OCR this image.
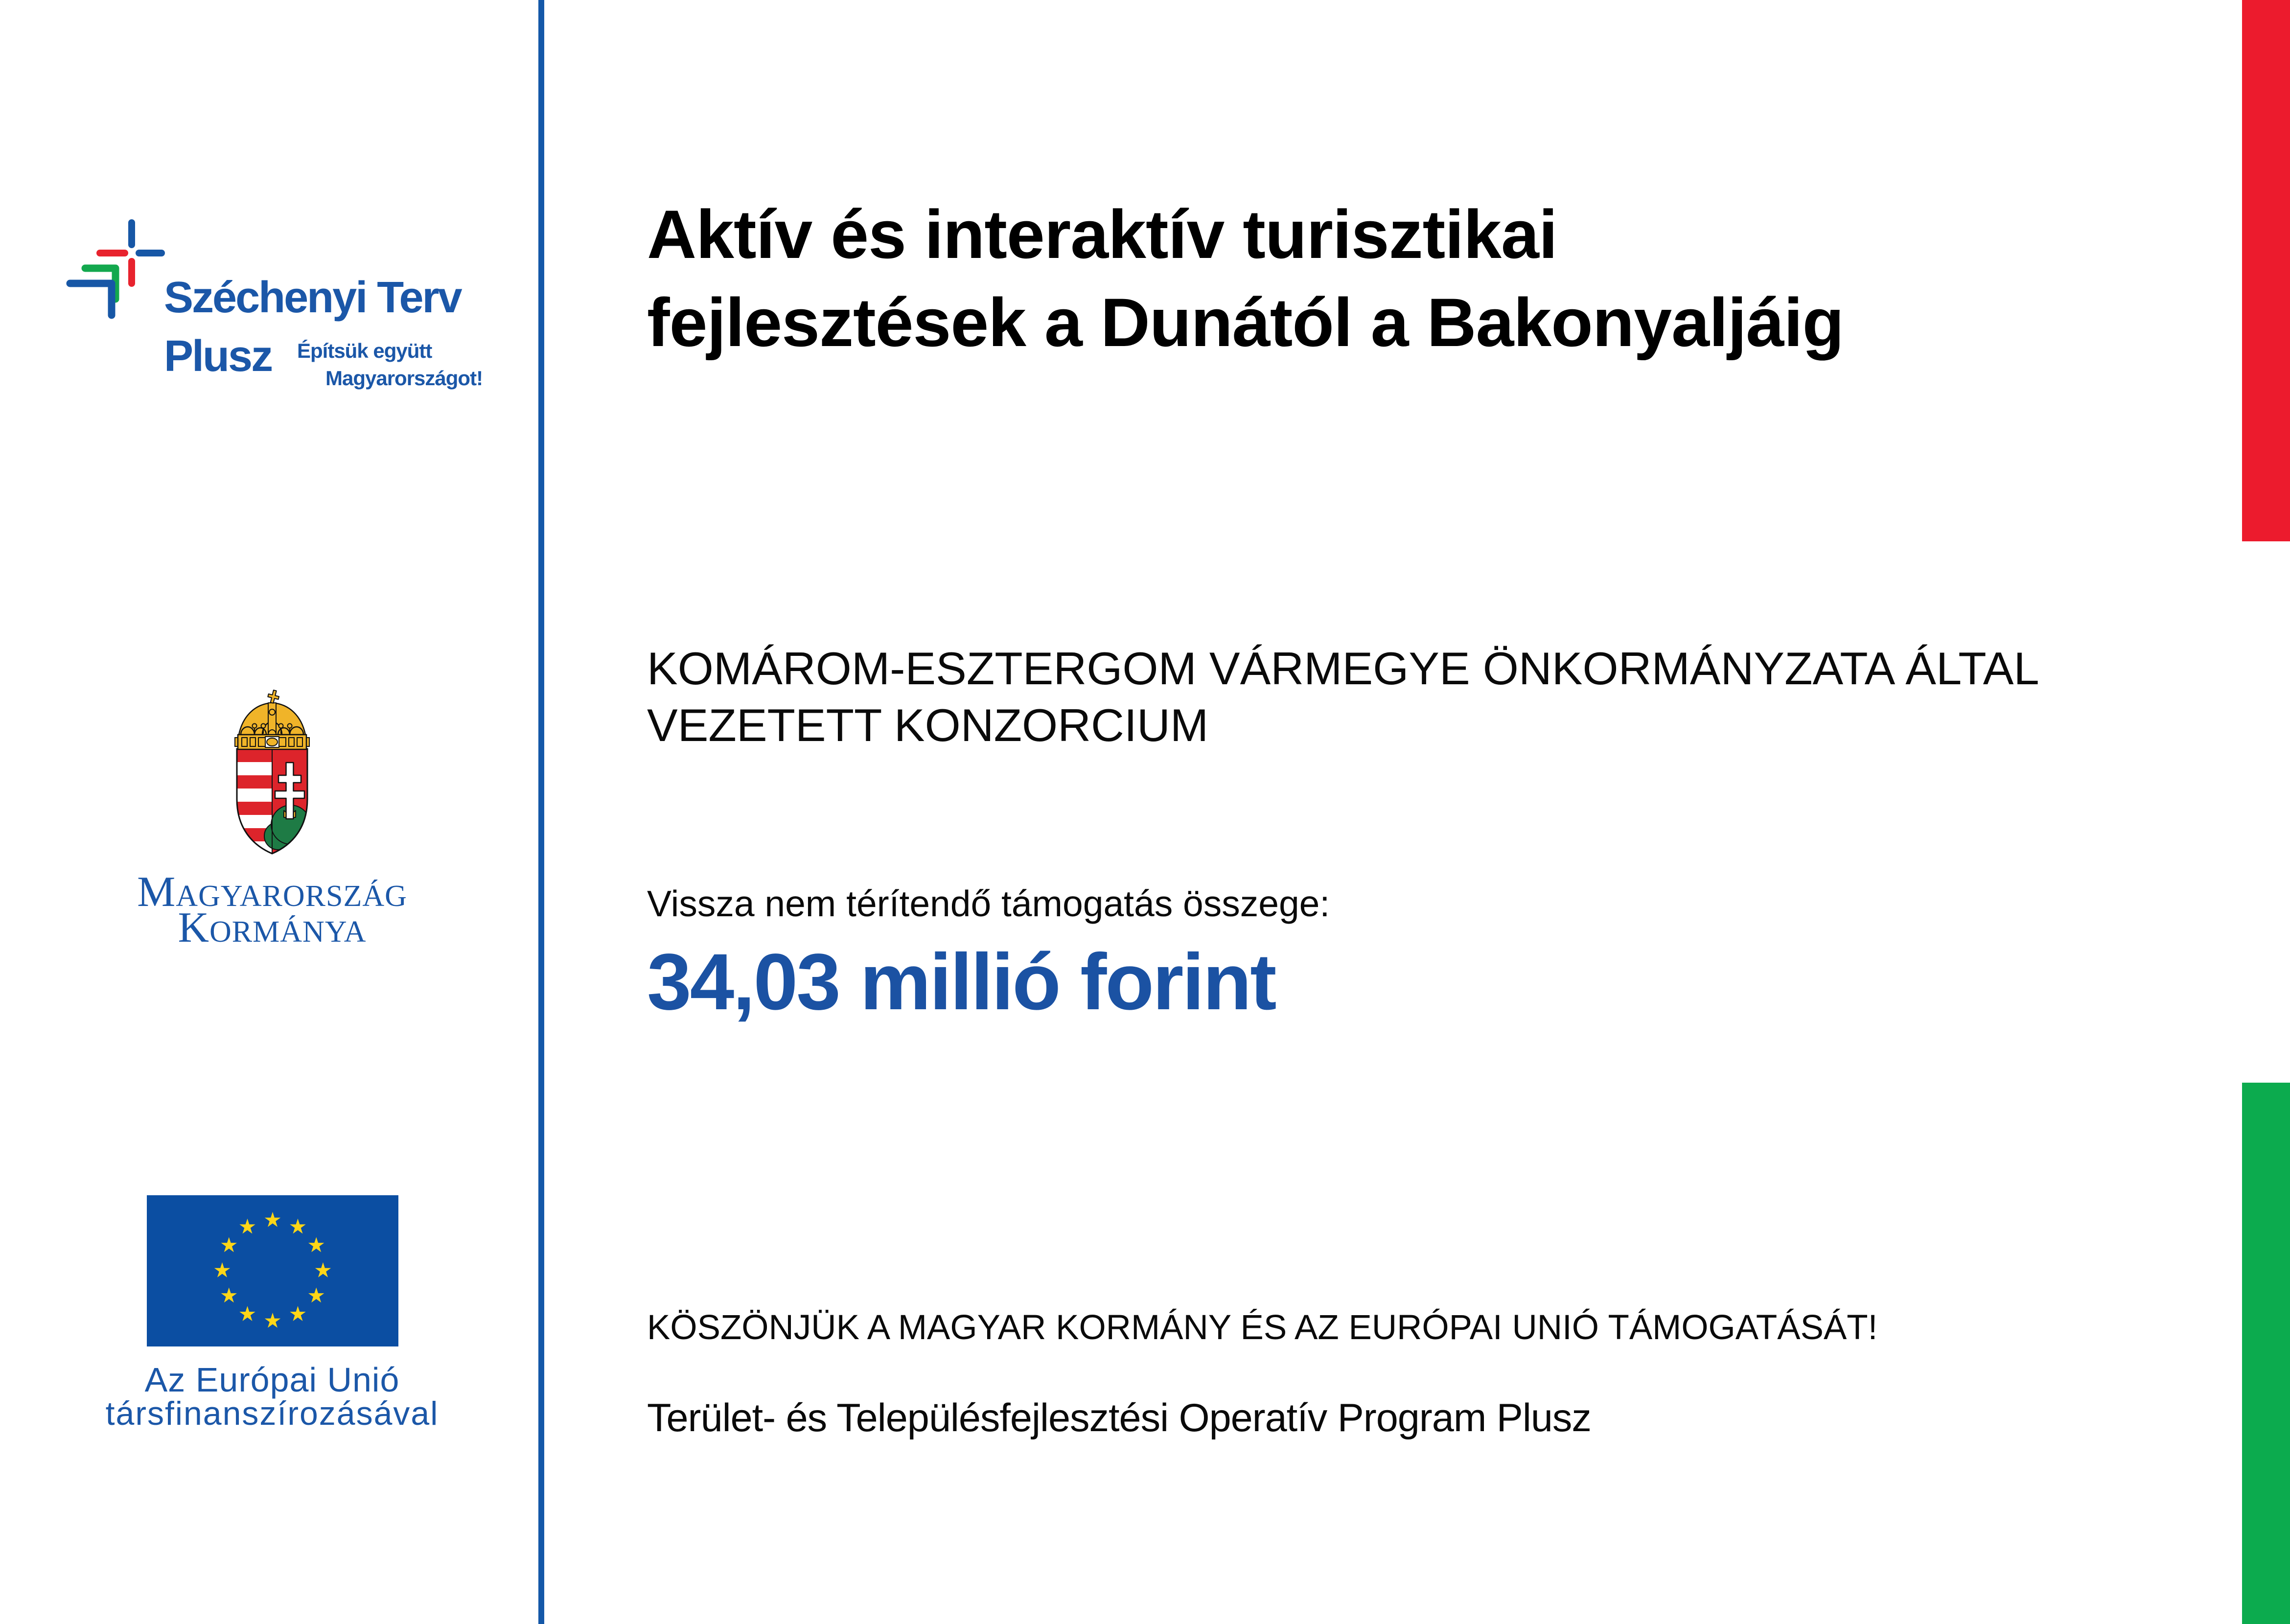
Széchenyi Terv
Plusz	Építsük együtt
Magyarországot!
Magyarország
Kormánya
Az Európai Unió
társfinanszírozásával
Aktív és interaktív turisztikai
fejlesztések a Dunától a Bakonyaljáig
KOMÁROM-ESZTERGOM VÁRMEGYE ÖNKORMÁNYZATA ÁLTAL
VEZETETT KONZORCIUM
Vissza nem térítendő támogatás összege:
34,03 millió forint
KÖSZÖNJÜK A MAGYAR KORMÁNY ÉS AZ EURÓPAI UNIÓ TÁMOGATÁSÁT!
Terület- és Településfejlesztési Operatív Program Plusz
